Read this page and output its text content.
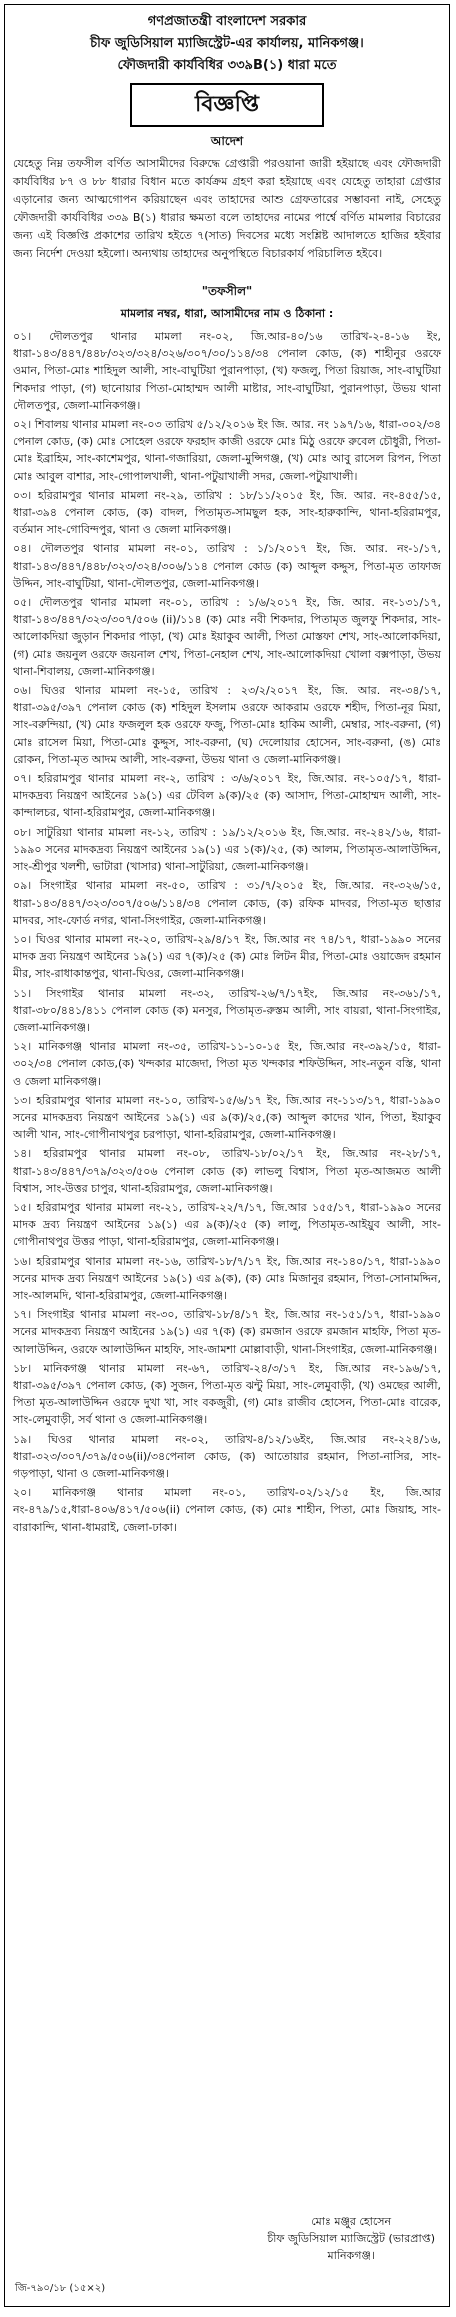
গণপ্রজাতন্ত্রী বাংলাদেশ সরকার
চীফ জুডিসিয়াল ম্যাজিস্ট্রেট-এর কার্যালয়, মানিকগঞ্জ।
ফৌজদারী কার্যবিধির ৩৩৯B(১) ধারা মতে
বিজ্ঞপ্তি
আদেশ
যেহেতু নিম্ন তফসীল বর্ণিত আসামীদের বিরুদ্ধে গ্রেপ্তারী পরওয়ানা জারী হইয়াছে এবং ফৌজদারী কার্যবিধির ৮৭ ও ৮৮ ধারার বিধান মতে কার্যক্রম গ্রহণ করা হইয়াছে এবং যেহেতু তাহারা গ্রেপ্তার এড়ানোর জন্য আত্মগোপন করিয়াছেন এবং তাহাদের আশু গ্রেফতারের সম্ভাবনা নাই, সেহেতু ফৌজদারী কার্যবিধির ৩৩৯ B(১) ধারার ক্ষমতা বলে তাহাদের নামের পার্শ্বে বর্ণিত মামলার বিচারের জন্য এই বিজ্ঞপ্তি প্রকাশের তারিখ হইতে ৭(সাত) দিবসের মধ্যে সংশ্লিষ্ট আদালতে হাজির হইবার জন্য নির্দেশ দেওয়া হইলো। অন্যথায় তাহাদের অনুপস্থিতে বিচারকার্য পরিচালিত হইবে।
"তফসীল"
মামলার নম্বর, ধারা, আসামীদের নাম ও ঠিকানা :

০১। দৌলতপুর থানার মামলা নং-০২, জি.আর-৪০/১৬ তারিখ-২-৪-১৬ ইং, ধারা-১৪৩/৪৪৭/৪৪৮/৩২৩/৩২৪/৩২৬/৩০৭/৩০/১১৪/৩৪ পেনাল কোড, (ক) শাহীনুর ওরফে ওমান, পিতা-মোঃ শাহিদুল আলী, সাং-বাঘুটিয়া পুরানপাড়া, (খ) ফজলু, পিতা রিয়াজ, সাং-বাঘুটিয়া শিকদার পাড়া, (গ) ছানোয়ার পিতা-মোহাম্মদ আলী মাষ্টার, সাং-বাঘুটিয়া, পুরানপাড়া, উভয় থানা দৌলতপুর, জেলা-মানিকগঞ্জ।

০২। শিবালয় থানার মামলা নং-০৩ তারিখ ৫/১২/২০১৬ ইং জি. আর. নং ১৯৭/১৬, ধারা-৩০২/৩৪ পেনাল কোড, (ক) মোঃ সোহেল ওরফে ফরহাদ কাজী ওরফে মোঃ মিঠু ওরফে রুবেল চৌধুরী, পিতা-মোঃ ইব্রাহিম, সাং-কাশেমপুর, থানা-গজারিয়া, জেলা-মুন্সিগঞ্জ, (খ) মোঃ আবু রাসেল রিপন, পিতা মোঃ আবুল বাশার, সাং-গোপালখালী, থানা-পটুয়াখালী সদর, জেলা-পটুয়াখালী।

০৩। হরিরামপুর থানার মামলা নং-২৯, তারিখ : ১৮/১১/২০১৫ ইং, জি. আর. নং-৪৫৫/১৫, ধারা-৩৯৪ পেনাল কোড, (ক) বাদল, পিতামৃত-সামছুল হক, সাং-হারুকান্দি, থানা-হরিরামপুর, বর্তমান সাং-গোবিন্দপুর, থানা ও জেলা মানিকগঞ্জ।

০৪। দৌলতপুর থানার মামলা নং-০১, তারিখ : ১/১/২০১৭ ইং, জি. আর. নং-১/১৭, ধারা-১৪৩/৪৪৭/৪৪৮/৩২৩/৩২৪/৩০৬/১১৪ পেনাল কোড (ক) আব্দুল কদ্দুস, পিতা-মৃত তাফাজ উদ্দিন, সাং-বাঘুটিয়া, থানা-দৌলতপুর, জেলা-মানিকগঞ্জ।

০৫। দৌলতপুর থানার মামলা নং-০১, তারিখ : ১/৬/২০১৭ ইং, জি. আর. নং-১৩১/১৭, ধারা-১৪৩/৪৪৭/৩২৩/৩০৭/৫০৬ (ii)/১১৪ (ক) মোঃ নবী শিকদার, পিতামৃত জুলফু শিকদার, সাং-আলোকদিয়া জুড়ান শিকদার পাড়া, (খ) মোঃ ইয়াকুব আলী, পিতা মোস্তফা শেখ, সাং-আলোকদিয়া, (গ) মোঃ জয়নুল ওরফে জয়নাল শেখ, পিতা-নেহাল শেখ, সাং-আলোকদিয়া খোলা বক্সপাড়া, উভয় থানা-শিবালয়, জেলা-মানিকগঞ্জ।

০৬। ঘিওর থানার মামলা নং-১৫, তারিখ : ২৩/২/২০১৭ ইং, জি. আর. নং-৩৪/১৭, ধারা-৩৯৫/৩৯৭ পেনাল কোড (ক) শহিদুল ইসলাম ওরফে আকরাম ওরফে শহীদ, পিতা-নূর মিয়া, সাং-বরুন্দিয়া, (খ) মোঃ ফজলুল হক ওরফে ফজু, পিতা-মোঃ হাকিম আলী, মেম্বার, সাং-বরুনা, (গ) মোঃ রাসেল মিয়া, পিতা-মোঃ কুদ্দুস, সাং-বরুনা, (ঘ) দেলোয়ার হোসেন, সাং-বরুনা, (ঙ) মোঃ রোকন, পিতা-মৃত আদম আলী, সাং-বরুনা, উভয় থানা ও জেলা-মানিকগঞ্জ।

০৭। হরিরামপুর থানার মামলা নং-২, তারিখ : ৩/৬/২০১৭ ইং, জি.আর. নং-১০৫/১৭, ধারা-মাদকদ্রব্য নিয়ন্ত্রণ আইনের ১৯(১) এর টেবিল ৯(ক)/২৫ (ক) আসাদ, পিতা-মোহাম্মদ আলী, সাং-কান্দালচর, থানা-হরিরামপুর, জেলা-মানিকগঞ্জ।

০৮। সাটুরিয়া থানার মামলা নং-১২, তারিখ : ১৯/১২/২০১৬ ইং, জি.আর. নং-২৪২/১৬, ধারা- ১৯৯০ সনের মাদকদ্রব্য নিয়ন্ত্রণ আইনের ১৯(১) এর ১(ক)/২৫, (ক) আলম, পিতামৃত-আলাউদ্দিন, সাং-শ্রীপুর খলশী, ভাটারা (খাসার) থানা-সাটুরিয়া, জেলা-মানিকগঞ্জ।

০৯। সিংগাইর থানার মামলা নং-৫০, তারিখ : ৩১/৭/২০১৫ ইং, জি.আর. নং-৩২৬/১৫, ধারা-১৪৩/৪৪৭/৩২৩/৩০৭/৫০৬/১১৪/৩৪ পেনাল কোড, (ক) রফিক মাদবর, পিতা-মৃত ছাত্তার মাদবর, সাং-ফোর্ড নগর, থানা-সিংগাইর, জেলা-মানিকগঞ্জ।

১০। ঘিওর থানার মামলা নং-২০, তারিখ-২৯/৪/১৭ ইং, জি.আর নং ৭৪/১৭, ধারা-১৯৯০ সনের মাদক দ্রব্য নিয়ন্ত্রণ আইনের ১৯(১) এর ৭(ক)/২৫ (ক) মোঃ লিটন মীর, পিতা-মোঃ ওয়াজেদ রহমান মীর, সাং-রাধাকান্তপুর, থানা-ঘিওর, জেলা-মানিকগঞ্জ।

১১। সিংগাইর থানার মামলা নং-৩২, তারিখ-২৬/৭/১৭ইং, জি.আর নং-৩৬১/১৭, ধারা-৩৮০/৪৪১/৪১১ পেনাল কোড (ক) মনসুর, পিতামৃত-রুস্তম আলী, সাং বায়রা, থানা-সিংগাইর, জেলা-মানিকগঞ্জ।

১২। মানিকগঞ্জ থানার মামলা নং-৩৫, তারিখ-১১-১০-১৫ ইং, জি.আর নং-৩৯২/১৫, ধারা- ৩০২/৩৪ পেনাল কোড,(ক) খন্দকার মাজেদা, পিতা মৃত খন্দকার শফিউদ্দিন, সাং-নতুন বস্তি, থানা ও জেলা মানিকগঞ্জ।

১৩। হরিরামপুর থানার মামলা নং-১০, তারিখ-১৫/৬/১৭ ইং, জি.আর নং-১১৩/১৭, ধারা-১৯৯০ সনের মাদকদ্রব্য নিয়ন্ত্রণ আইনের ১৯(১) এর ৯(ক)/২৫,(ক) আব্দুল কাদের খান, পিতা, ইয়াকুব আলী খান, সাং-গোপীনাথপুর চরপাড়া, থানা-হরিরামপুর, জেলা-মানিকগঞ্জ।

১৪। হরিরামপুর থানার মামলা নং-০৮, তারিখ-১৮/০২/১৭ ইং, জি.আর নং-২৮/১৭, ধারা-১৪৩/৪৪৭/৩৭৯/৩২৩/৫০৬ পেনাল কোড (ক) লাভলু বিশ্বাস, পিতা মৃত-আজমত আলী বিশ্বাস, সাং-উত্তর চাপুর, থানা-হরিরামপুর, জেলা-মানিকগঞ্জ।

১৫। হরিরামপুর থানার মামলা নং-২১, তারিখ-২২/৭/১৭, জি.আর ১৫৫/১৭, ধারা-১৯৯০ সনের মাদক দ্রব্য নিয়ন্ত্রণ আইনের ১৯(১) এর ৯(ক)/২৫ (ক) লালু, পিতামৃত-আইয়ুব আলী, সাং-গোপীনাথপুর উত্তর পাড়া, থানা-হরিরামপুর, জেলা-মানিকগঞ্জ।

১৬। হরিরামপুর থানার মামলা নং-১৬, তারিখ-১৮/৭/১৭ ইং, জি.আর নং-১৪০/১৭, ধারা-১৯৯০ সনের মাদক দ্রব্য নিয়ন্ত্রণ আইনের ১৯(১) এর ৯(ক), (ক) মোঃ মিজানুর রহমান, পিতা-সোনামদ্দিন, সাং-আলমদি, থানা-হরিরামপুর, জেলা-মানিকগঞ্জ।

১৭। সিংগাইর থানার মামলা নং-৩০, তারিখ-১৮/৪/১৭ ইং, জি.আর নং-১৫১/১৭, ধারা-১৯৯০ সনের মাদকদ্রব্য নিয়ন্ত্রণ আইনের ১৯(১) এর ৭(ক) (ক) রমজান ওরফে রমজান মাহফি, পিতা মৃত-আলাউদ্দিন, ওরফে আলাউদ্দিন মাহফি, সাং-জামশা মোল্লাবাড়ী, থানা-সিংগাইর, জেলা-মানিকগঞ্জ।

১৮। মানিকগঞ্জ থানার মামলা নং-৬৭, তারিখ-২৪/৩/১৭ ইং, জি.আর নং-১৯৬/১৭, ধারা-৩৯৫/৩৯৭ পেনাল কোড, (ক) সুজন, পিতা-মৃত ঝন্টু মিয়া, সাং-লেমুবাড়ী, (খ) ওমছের আলী, পিতা মৃত-আলাউদ্দিন ওরফে দুখা খা, সাং বকজুরী, (গ) মোঃ রাজীব হোসেন, পিতা-মোঃ বারেক, সাং-লেমুবাড়ী, সর্ব থানা ও জেলা-মানিকগঞ্জ।

১৯। ঘিওর থানার মামলা নং-০২, তারিখ-৪/১২/১৬ইং, জি.আর নং-২২৪/১৬, ধারা-৩২৩/৩০৭/৩৭৯/৫০৬(ii)/৩৪পেনাল কোড, (ক) আতোয়ার রহমান, পিতা-নাসির, সাং-গড়পাড়া, থানা ও জেলা-মানিকগঞ্জ।

২০। মানিকগঞ্জ থানার মামলা নং-০১, তারিখ-০২/১২/১৫ ইং, জি.আর নং-৪৭৯/১৫,ধারা-৪০৬/৪১৭/৫০৬(ii) পেনাল কোড, (ক) মোঃ শাহীন, পিতা, মোঃ জিয়াহ, সাং-বারাকান্দি, থানা-ধামরাই, জেলা-ঢাকা।

মোঃ মঞ্জুর হোসেন
চীফ জুডিসিয়াল ম্যাজিস্ট্রেট (ভারপ্রাপ্ত)
মানিকগঞ্জ।
জি-৭৯০/১৮ (১৫×২)
